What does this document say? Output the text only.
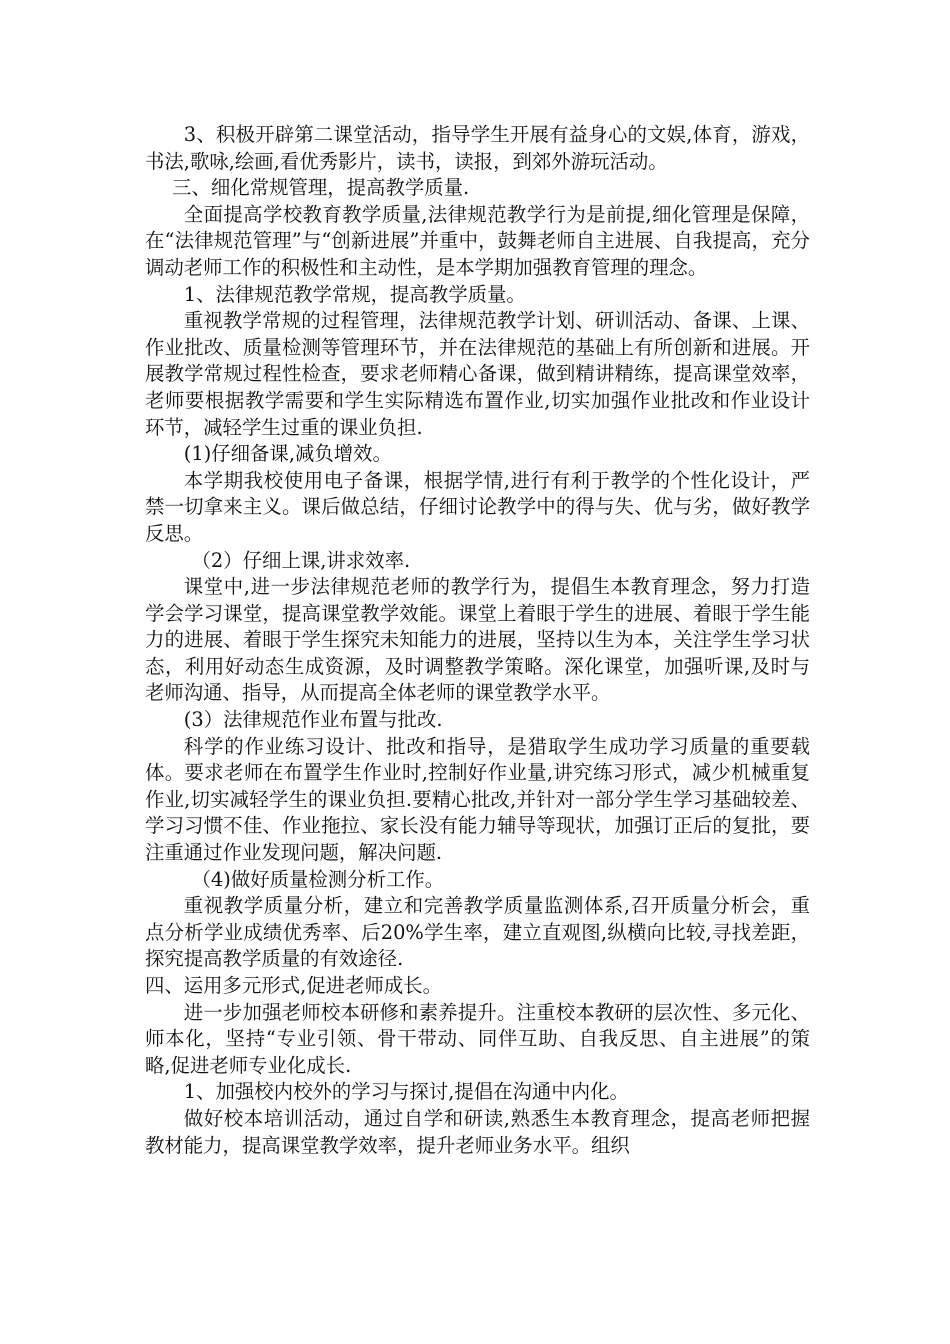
3、积极开辟第二课堂活动，指导学生开展有益身心的文娱,体育，游戏，书法,歌咏,绘画,看优秀影片，读书，读报，到郊外游玩活动。

三、细化常规管理，提高教学质量.

全面提高学校教育教学质量,法律规范教学行为是前提,细化管理是保障，在“法律规范管理”与“创新进展”并重中，鼓舞老师自主进展、自我提高，充分调动老师工作的积极性和主动性，是本学期加强教育管理的理念。

1、法律规范教学常规，提高教学质量。

重视教学常规的过程管理，法律规范教学计划、研训活动、备课、上课、作业批改、质量检测等管理环节，并在法律规范的基础上有所创新和进展。开展教学常规过程性检查，要求老师精心备课，做到精讲精练，提高课堂效率，老师要根据教学需要和学生实际精选布置作业,切实加强作业批改和作业设计环节，减轻学生过重的课业负担.

(1)仔细备课,减负增效。

本学期我校使用电子备课，根据学情,进行有利于教学的个性化设计，严禁一切拿来主义。课后做总结，仔细讨论教学中的得与失、优与劣，做好教学反思。

（2）仔细上课,讲求效率.

课堂中,进一步法律规范老师的教学行为，提倡生本教育理念，努力打造学会学习课堂，提高课堂教学效能。课堂上着眼于学生的进展、着眼于学生能力的进展、着眼于学生探究未知能力的进展，坚持以生为本，关注学生学习状态，利用好动态生成资源，及时调整教学策略。深化课堂，加强听课,及时与老师沟通、指导，从而提高全体老师的课堂教学水平。

(3）法律规范作业布置与批改.

科学的作业练习设计、批改和指导，是猎取学生成功学习质量的重要载体。要求老师在布置学生作业时,控制好作业量,讲究练习形式，减少机械重复作业,切实减轻学生的课业负担.要精心批改,并针对一部分学生学习基础较差、学习习惯不佳、作业拖拉、家长没有能力辅导等现状，加强订正后的复批，要注重通过作业发现问题，解决问题.

（4)做好质量检测分析工作。

重视教学质量分析，建立和完善教学质量监测体系,召开质量分析会，重点分析学业成绩优秀率、后20%学生率，建立直观图,纵横向比较,寻找差距，探究提高教学质量的有效途径.

四、运用多元形式,促进老师成长。

进一步加强老师校本研修和素养提升。注重校本教研的层次性、多元化、师本化，坚持“专业引领、骨干带动、同伴互助、自我反思、自主进展”的策略,促进老师专业化成长.

1、加强校内校外的学习与探讨,提倡在沟通中内化。

做好校本培训活动，通过自学和研读,熟悉生本教育理念，提高老师把握教材能力，提高课堂教学效率，提升老师业务水平。组织
